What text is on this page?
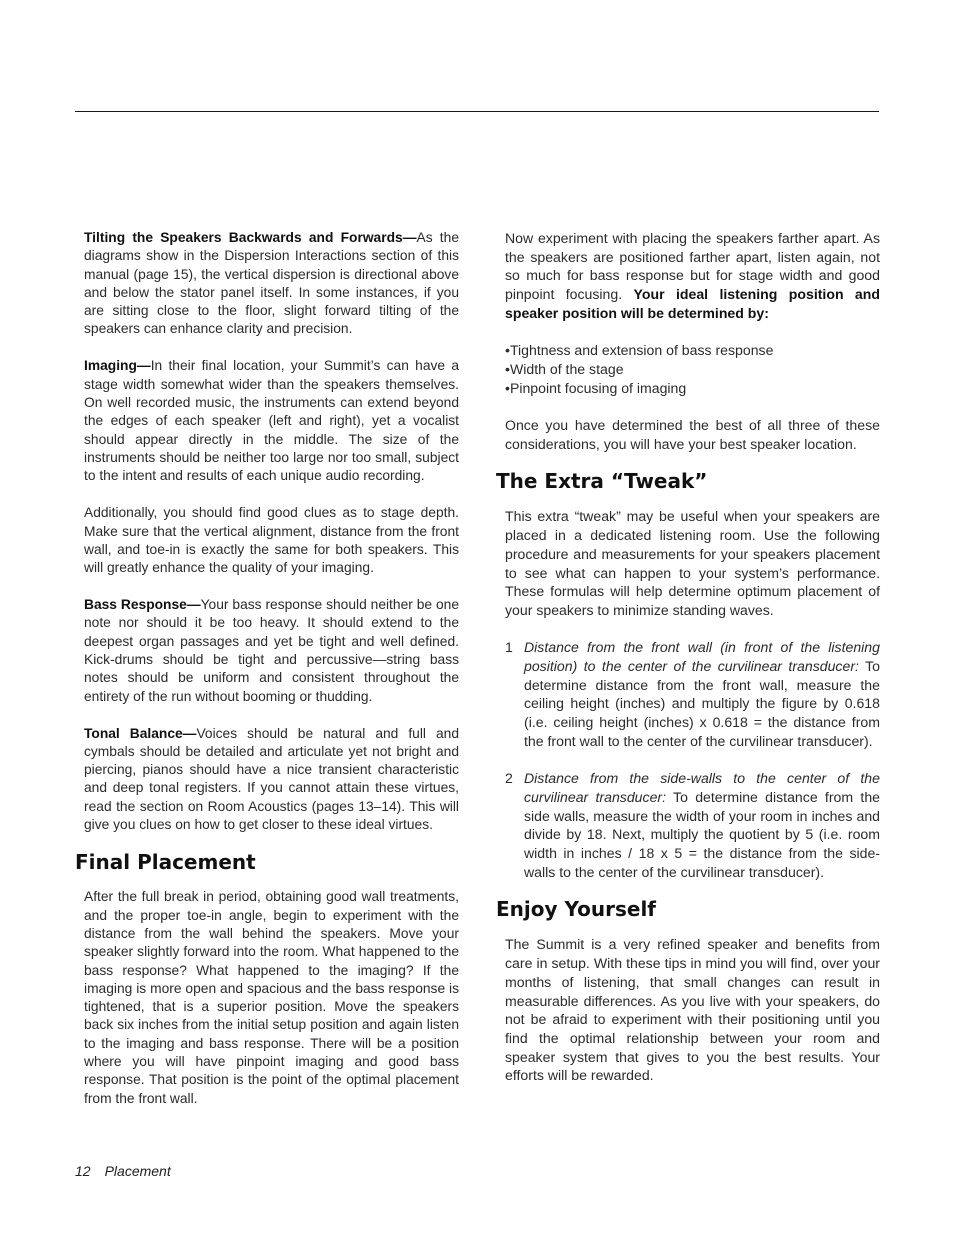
Tilting the Speakers Backwards and Forwards—As the diagrams show in the Dispersion Interactions section of this manual (page 15), the vertical dispersion is directional above and below the stator panel itself. In some instances, if you are sitting close to the floor, slight forward tilting of the speakers can enhance clarity and precision.

Imaging—In their final location, your Summit’s can have a stage width somewhat wider than the speakers themselves. On well recorded music, the instruments can extend beyond the edges of each speaker (left and right), yet a vocalist should appear directly in the middle. The size of the instruments should be neither too large nor too small, subject to the intent and results of each unique audio recording.

Additionally, you should find good clues as to stage depth. Make sure that the vertical alignment, distance from the front wall, and toe-in is exactly the same for both speakers. This will greatly enhance the quality of your imaging.

Bass Response—Your bass response should neither be one note nor should it be too heavy. It should extend to the deepest organ passages and yet be tight and well defined. Kick-drums should be tight and percussive—string bass notes should be uniform and consistent throughout the entirety of the run without booming or thudding.

Tonal Balance—Voices should be natural and full and cymbals should be detailed and articulate yet not bright and piercing, pianos should have a nice transient characteristic and deep tonal registers. If you cannot attain these virtues, read the section on Room Acoustics (pages 13–14). This will give you clues on how to get closer to these ideal virtues.

Final Placement

After the full break in period, obtaining good wall treatments, and the proper toe-in angle, begin to experiment with the distance from the wall behind the speakers. Move your speaker slightly forward into the room. What happened to the bass response? What happened to the imaging? If the imaging is more open and spacious and the bass response is tightened, that is a superior position. Move the speakers back six inches from the initial setup position and again listen to the imaging and bass response. There will be a position where you will have pinpoint imaging and good bass response. That position is the point of the optimal placement from the front wall.

Now experiment with placing the speakers farther apart. As the speakers are positioned farther apart, listen again, not so much for bass response but for stage width and good pinpoint focusing. Your ideal listening position and speaker position will be determined by:

• Tightness and extension of bass response
• Width of the stage
• Pinpoint focusing of imaging

Once you have determined the best of all three of these considerations, you will have your best speaker location.

The Extra “Tweak”

This extra “tweak” may be useful when your speakers are placed in a dedicated listening room. Use the following procedure and measurements for your speakers placement to see what can happen to your system’s performance. These formulas will help determine optimum placement of your speakers to minimize standing waves.

1 Distance from the front wall (in front of the listening position) to the center of the curvilinear transducer: To determine distance from the front wall, measure the ceiling height (inches) and multiply the figure by 0.618 (i.e. ceiling height (inches) x 0.618 = the distance from the front wall to the center of the curvilinear transducer).
2 Distance from the side-walls to the center of the curvilinear transducer: To determine distance from the side walls, measure the width of your room in inches and divide by 18. Next, multiply the quotient by 5 (i.e. room width in inches / 18 x 5 = the distance from the side-walls to the center of the curvilinear transducer).
Enjoy Yourself

The Summit is a very refined speaker and benefits from care in setup. With these tips in mind you will find, over your months of listening, that small changes can result in measurable differences. As you live with your speakers, do not be afraid to experiment with their positioning until you find the optimal relationship between your room and speaker system that gives to you the best results. Your efforts will be rewarded.

12 Placement
